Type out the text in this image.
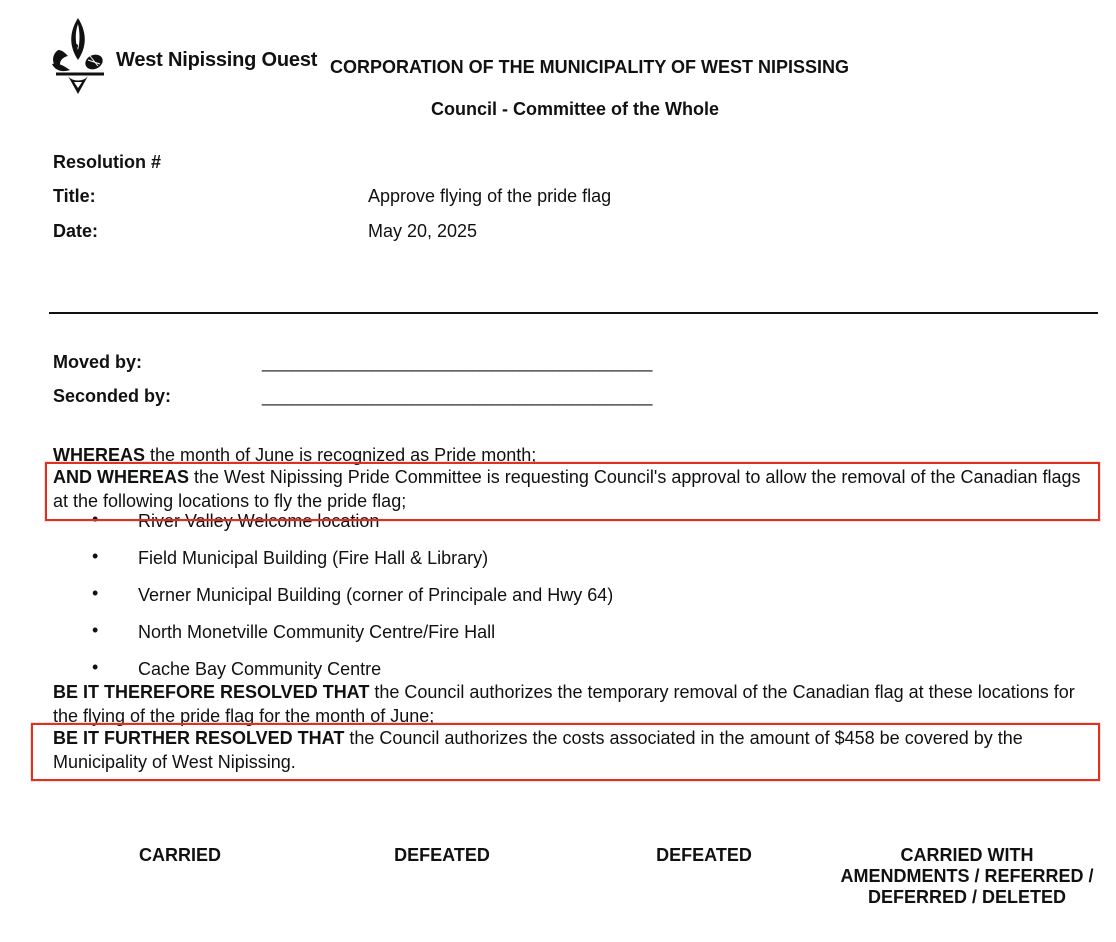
West Nipissing Ouest CORPORATION OF THE MUNICIPALITY OF WEST NIPISSING
Council - Committee of the Whole
Resolution #
Title:	Approve flying of the pride flag
Date:	May 20, 2025
Moved by:	_______________________________________
Seconded by:	_______________________________________
WHEREAS the month of June is recognized as Pride month;
• River Valley Welcome location
• Field Municipal Building (Fire Hall & Library)
• Verner Municipal Building (corner of Principale and Hwy 64)
• North Monetville Community Centre/Fire Hall
• Cache Bay Community Centre
AND WHEREAS the West Nipissing Pride Committee is requesting Council's approval to allow the removal of the Canadian flags at the following locations to fly the pride flag;
BE IT THEREFORE RESOLVED THAT the Council authorizes the temporary removal of the Canadian flag at these locations for the flying of the pride flag for the month of June;
BE IT FURTHER RESOLVED THAT the Council authorizes the costs associated in the amount of $458 be covered by the Municipality of West Nipissing.
CARRIED	DEFEATED	DEFEATED	CARRIED WITH
AMENDMENTS / REFERRED /
DEFERRED / DELETED
